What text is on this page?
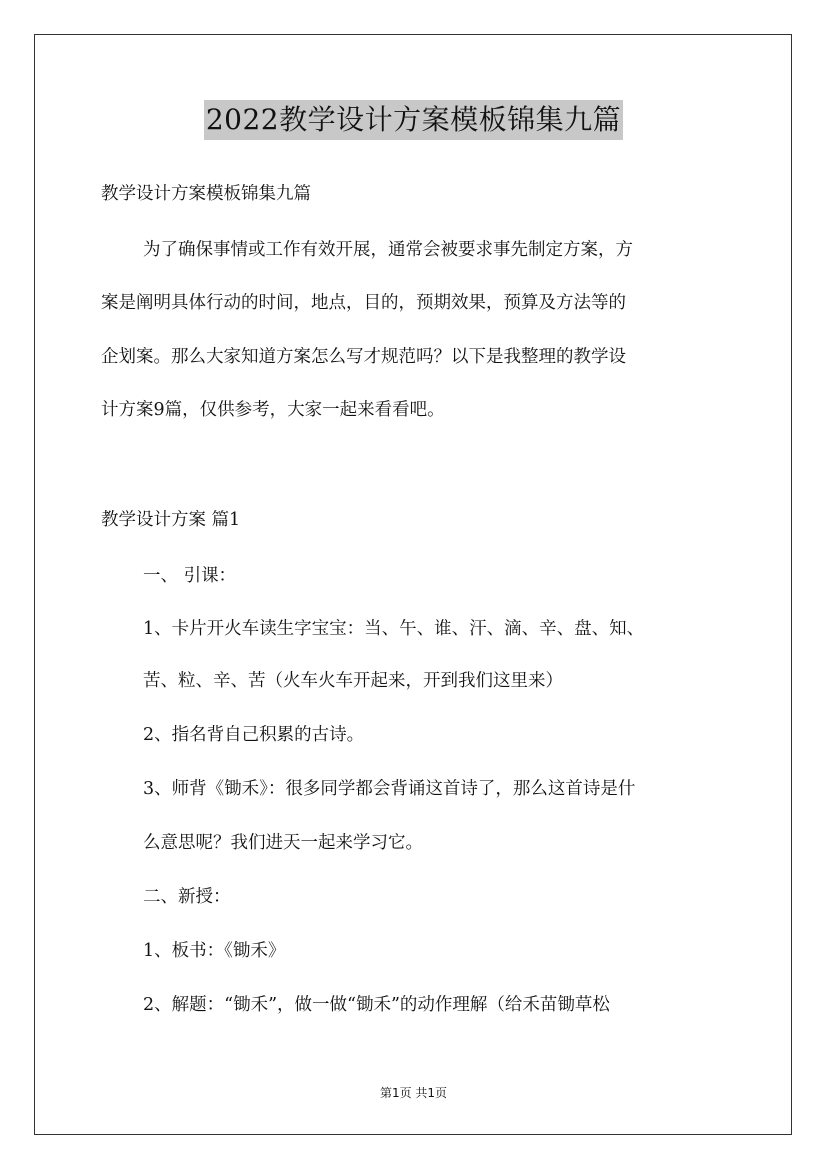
2022教学设计方案模板锦集九篇
教学设计方案模板锦集九篇
为了确保事情或工作有效开展，通常会被要求事先制定方案，方
案是阐明具体行动的时间，地点，目的，预期效果，预算及方法等的
企划案。那么大家知道方案怎么写才规范吗？以下是我整理的教学设
计方案9篇，仅供参考，大家一起来看看吧。
教学设计方案 篇1
一、 引课：
1、卡片开火车读生字宝宝：当、午、谁、汗、滴、辛、盘、知、
苦、粒、辛、苦（火车火车开起来，开到我们这里来）
2、指名背自己积累的古诗。
3、师背《锄禾》：很多同学都会背诵这首诗了，那么这首诗是什
么意思呢？我们进天一起来学习它。
二、新授：
1、板书：《锄禾》
2、解题：“锄禾”，做一做“锄禾”的动作理解（给禾苗锄草松
第1页 共1页
